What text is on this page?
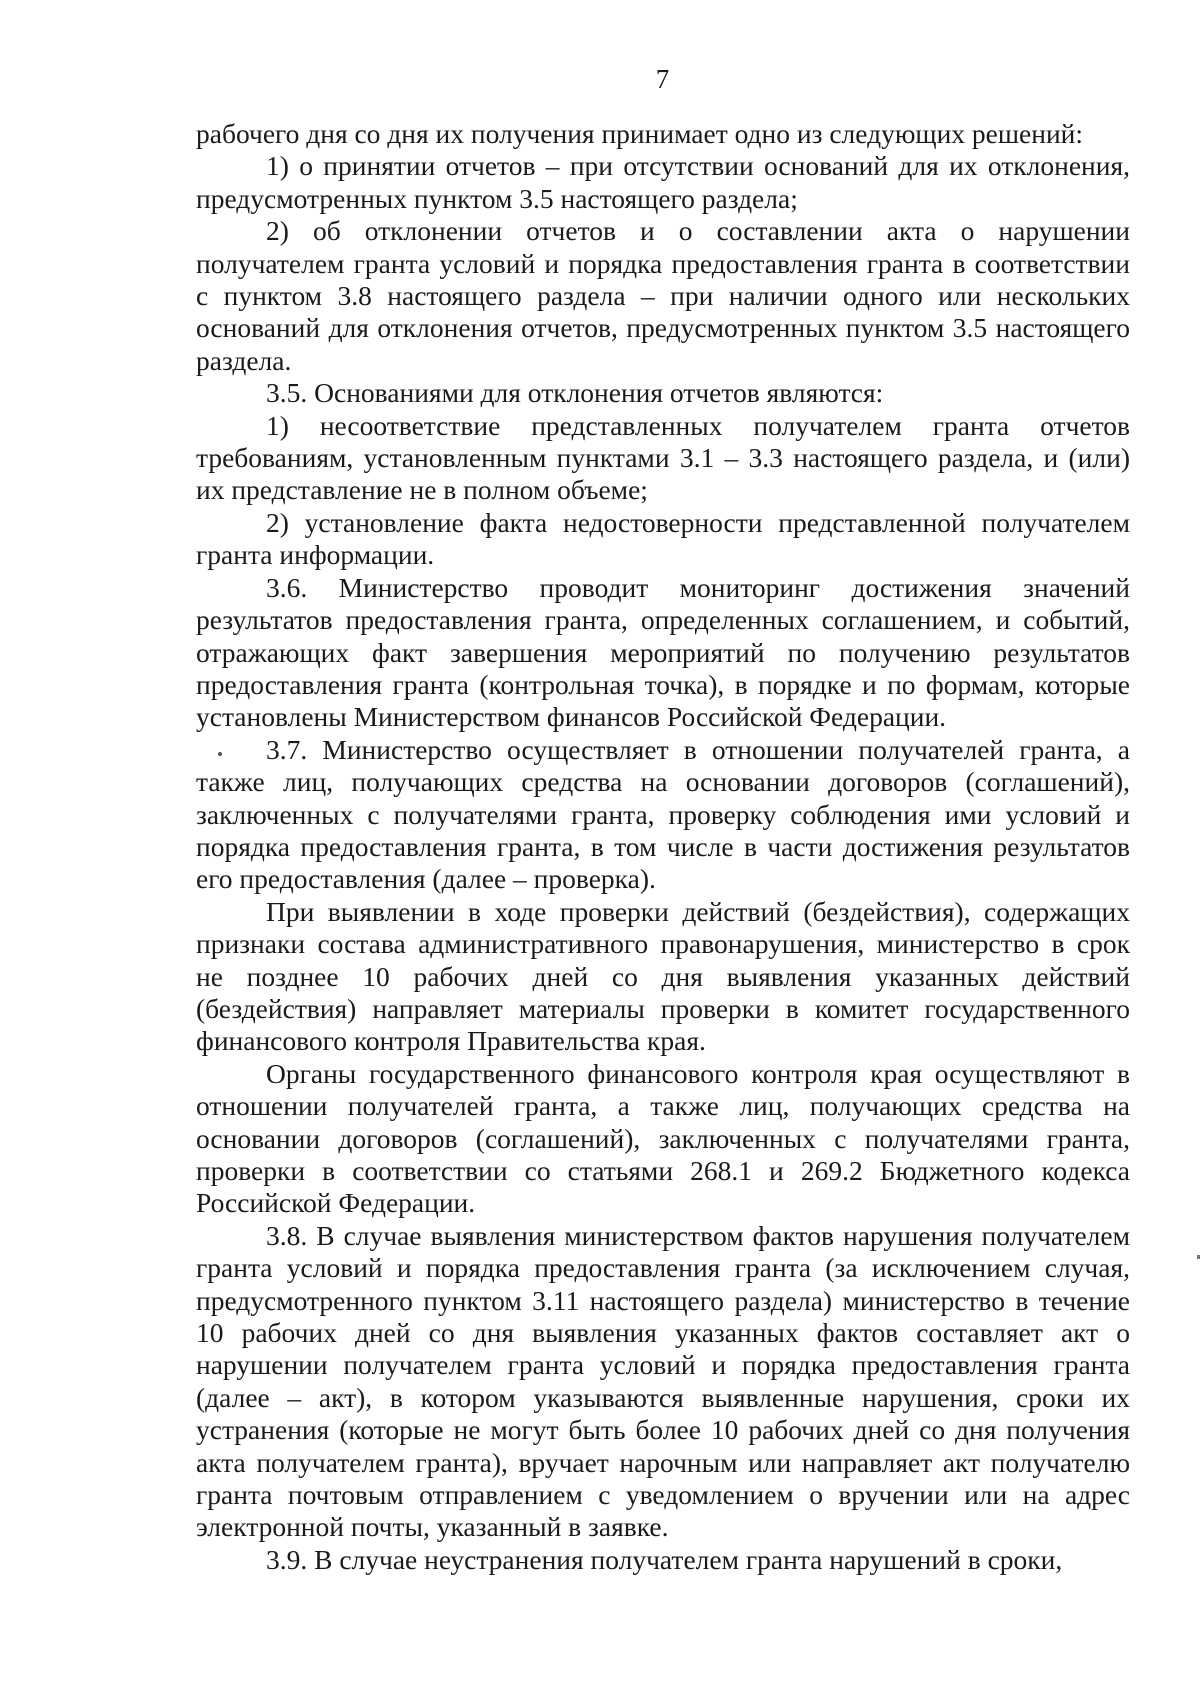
7

рабочего дня со дня их получения принимает одно из следующих решений:

1) о принятии отчетов – при отсутствии оснований для их отклонения, предусмотренных пунктом 3.5 настоящего раздела;

2) об отклонении отчетов и о составлении акта о нарушении получателем гранта условий и порядка предоставления гранта в соответствии с пунктом 3.8 настоящего раздела – при наличии одного или нескольких оснований для отклонения отчетов, предусмотренных пунктом 3.5 настоящего раздела.

3.5. Основаниями для отклонения отчетов являются:

1) несоответствие представленных получателем гранта отчетов требованиям, установленным пунктами 3.1 – 3.3 настоящего раздела, и (или) их представление не в полном объеме;

2) установление факта недостоверности представленной получателем гранта информации.

3.6. Министерство проводит мониторинг достижения значений результатов предоставления гранта, определенных соглашением, и событий, отражающих факт завершения мероприятий по получению результатов предоставления гранта (контрольная точка), в порядке и по формам, которые установлены Министерством финансов Российской Федерации.

3.7. Министерство осуществляет в отношении получателей гранта, а также лиц, получающих средства на основании договоров (соглашений), заключенных с получателями гранта, проверку соблюдения ими условий и порядка предоставления гранта, в том числе в части достижения результатов его предоставления (далее – проверка).

При выявлении в ходе проверки действий (бездействия), содержащих признаки состава административного правонарушения, министерство в срок не позднее 10 рабочих дней со дня выявления указанных действий (бездействия) направляет материалы проверки в комитет государственного финансового контроля Правительства края.

Органы государственного финансового контроля края осуществляют в отношении получателей гранта, а также лиц, получающих средства на основании договоров (соглашений), заключенных с получателями гранта, проверки в соответствии со статьями 268.1 и 269.2 Бюджетного кодекса Российской Федерации.

3.8. В случае выявления министерством фактов нарушения получателем гранта условий и порядка предоставления гранта (за исключением случая, предусмотренного пунктом 3.11 настоящего раздела) министерство в течение 10 рабочих дней со дня выявления указанных фактов составляет акт о нарушении получателем гранта условий и порядка предоставления гранта (далее – акт), в котором указываются выявленные нарушения, сроки их устранения (которые не могут быть более 10 рабочих дней со дня получения акта получателем гранта), вручает нарочным или направляет акт получателю гранта почтовым отправлением с уведомлением о вручении или на адрес электронной почты, указанный в заявке.

3.9. В случае неустранения получателем гранта нарушений в сроки,
